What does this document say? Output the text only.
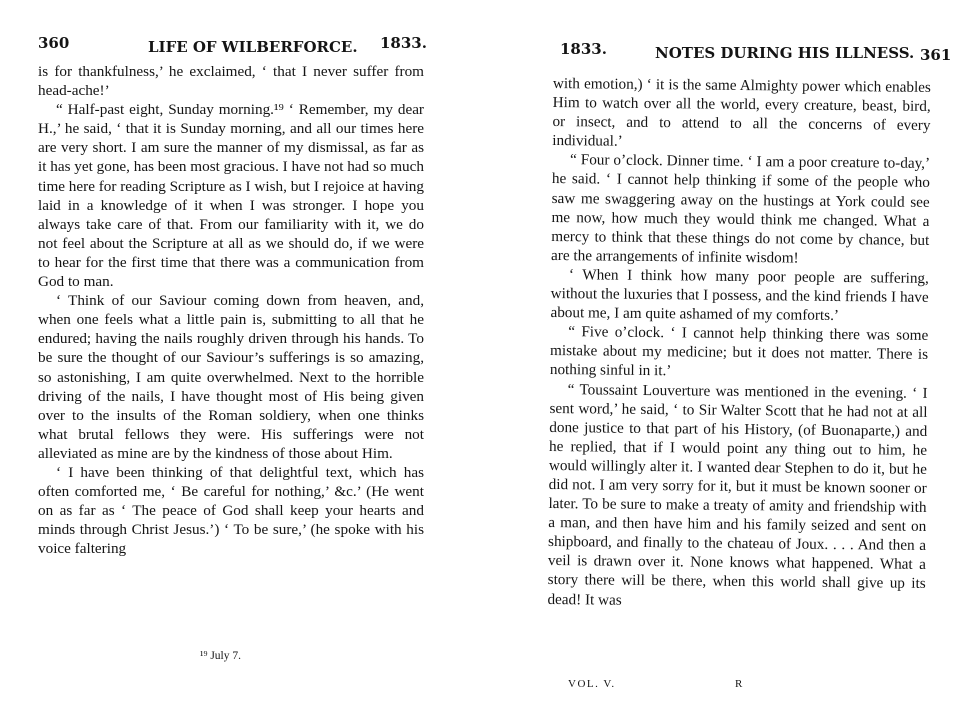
360	LIFE OF WILBERFORCE. 1833.

is for thankfulness,’ he exclaimed, ‘ that I never suffer from head-ache!’

“ Half-past eight, Sunday morning.¹⁹ ‘ Remember, my dear H.,’ he said, ‘ that it is Sunday morning, and all our times here are very short. I am sure the manner of my dismissal, as far as it has yet gone, has been most gracious. I have not had so much time here for reading Scripture as I wish, but I rejoice at having laid in a knowledge of it when I was stronger. I hope you always take care of that. From our familiarity with it, we do not feel about the Scripture at all as we should do, if we were to hear for the first time that there was a communication from God to man.

‘ Think of our Saviour coming down from heaven, and, when one feels what a little pain is, submitting to all that he endured; having the nails roughly driven through his hands. To be sure the thought of our Saviour’s sufferings is so amazing, so astonishing, I am quite overwhelmed. Next to the horrible driving of the nails, I have thought most of His being given over to the insults of the Roman soldiery, when one thinks what brutal fellows they were. His sufferings were not alleviated as mine are by the kindness of those about Him.

‘ I have been thinking of that delightful text, which has often comforted me, ‘ Be careful for nothing,’ &c.’ (He went on as far as ‘ The peace of God shall keep your hearts and minds through Christ Jesus.’) ‘ To be sure,’ (he spoke with his voice faltering

¹⁹ July 7.
1833.	NOTES DURING HIS ILLNESS. 361

with emotion,) ‘ it is the same Almighty power which enables Him to watch over all the world, every creature, beast, bird, or insect, and to attend to all the concerns of every individual.’

“ Four o’clock. Dinner time. ‘ I am a poor creature to-day,’ he said. ‘ I cannot help thinking if some of the people who saw me swaggering away on the hustings at York could see me now, how much they would think me changed. What a mercy to think that these things do not come by chance, but are the arrangements of infinite wisdom!

‘ When I think how many poor people are suffering, without the luxuries that I possess, and the kind friends I have about me, I am quite ashamed of my comforts.’

“ Five o’clock. ‘ I cannot help thinking there was some mistake about my medicine; but it does not matter. There is nothing sinful in it.’

“ Toussaint Louverture was mentioned in the evening. ‘ I sent word,’ he said, ‘ to Sir Walter Scott that he had not at all done justice to that part of his History, (of Buonaparte,) and he replied, that if I would point any thing out to him, he would willingly alter it. I wanted dear Stephen to do it, but he did not. I am very sorry for it, but it must be known sooner or later. To be sure to make a treaty of amity and friendship with a man, and then have him and his family seized and sent on shipboard, and finally to the chateau of Joux. . . . And then a veil is drawn over it. None knows what happened. What a story there will be there, when this world shall give up its dead! It was

VOL. V.	R
